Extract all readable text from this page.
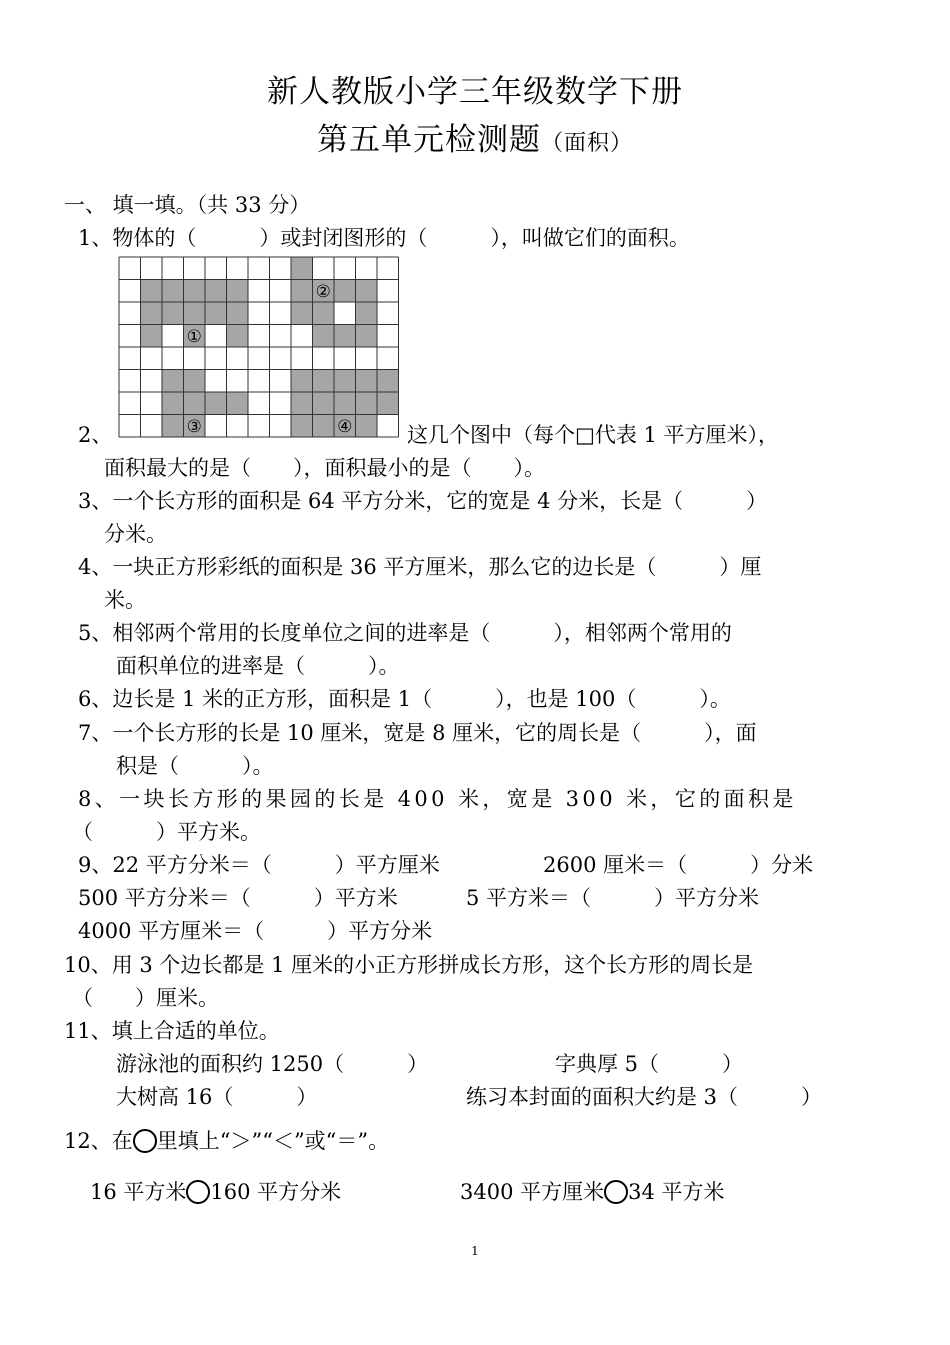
新人教版小学三年级数学下册
第五单元检测题（面积）
一、 填一填。（共 33 分）
1、物体的（　　　）或封闭图形的（　　　），叫做它们的面积。
①
②
③	④
2、	这几个图中（每个□代表 1 平方厘米），
面积最大的是（　　），面积最小的是（　　）。
3、一个长方形的面积是 64 平方分米，它的宽是 4 分米，长是（　　　）
分米。
4、一块正方形彩纸的面积是 36 平方厘米，那么它的边长是（　　　）厘
米。
5、相邻两个常用的长度单位之间的进率是（　　　），相邻两个常用的
面积单位的进率是（　　　）。
6、边长是 1 米的正方形，面积是 1（　　　），也是 100（　　　）。
7、一个长方形的长是 10 厘米，宽是 8 厘米，它的周长是（　　　），面
积是（　　　）。
8、一块长方形的果园的长是 400 米，宽是 300 米，它的面积是
（　　　）平方米。
9、22 平方分米＝（　　　）平方厘米	2600 厘米＝（　　　）分米
500 平方分米＝（　　　）平方米	5 平方米＝（　　　）平方分米
4000 平方厘米＝（　　　）平方分米
10、用 3 个边长都是 1 厘米的小正方形拼成长方形，这个长方形的周长是
（　　）厘米。
11、填上合适的单位。
游泳池的面积约 1250（　　　）	字典厚 5（　　　）
大树高 16（　　　）	练习本封面的面积大约是 3（　　　）
12、在 里填上“＞”“＜”或“＝”。
16 平方米 160 平方分米	3400 平方厘米 34 平方米
1
